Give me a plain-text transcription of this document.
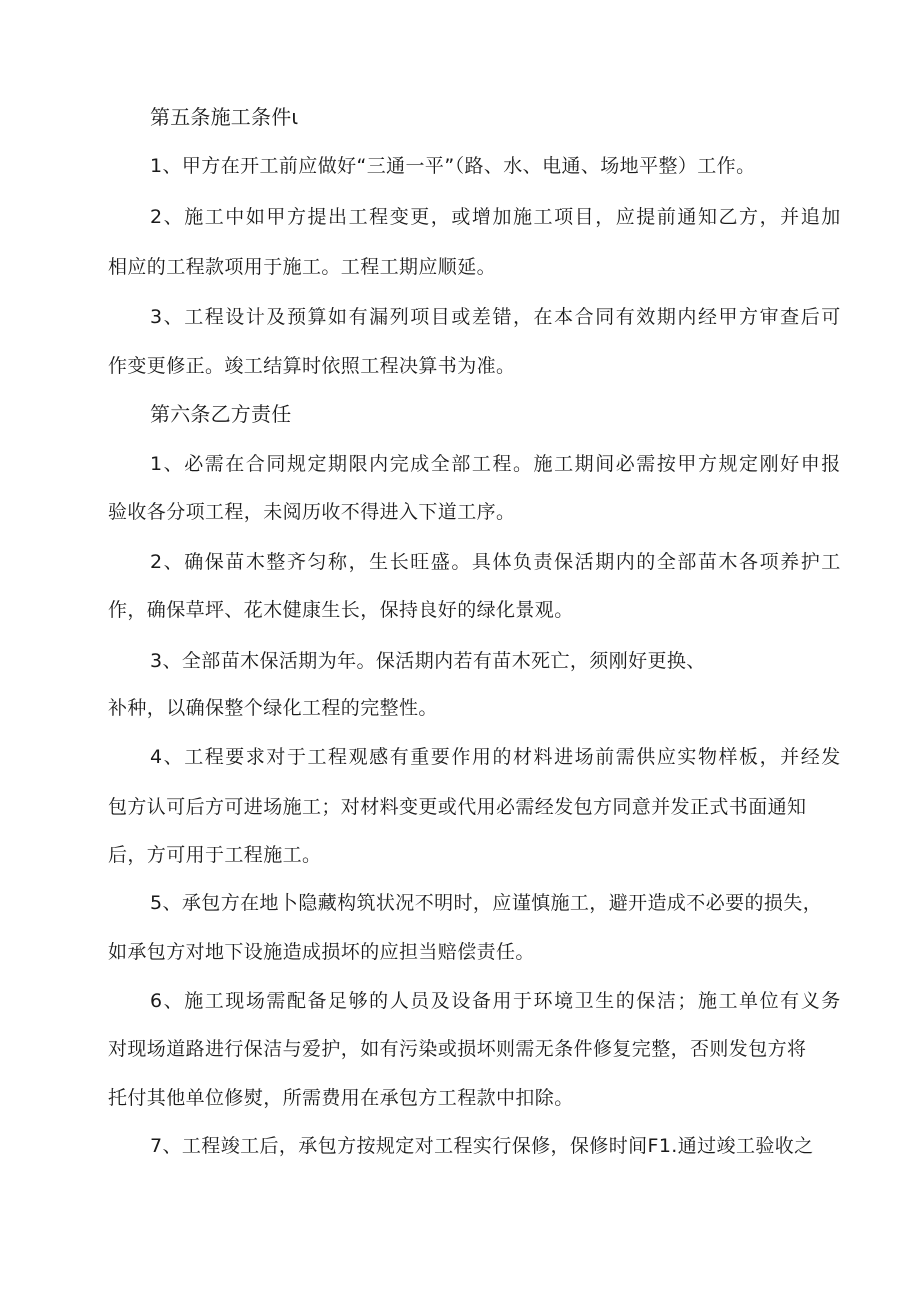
第五条施工条件ι
1、甲方在开工前应做好“三通一平”（路、水、电通、场地平整）工作。
2、施工中如甲方提出工程变更，或增加施工项目，应提前通知乙方，并追加
相应的工程款项用于施工。工程工期应顺延。
3、工程设计及预算如有漏列项目或差错，在本合同有效期内经甲方审查后可
作变更修正。竣工结算时依照工程决算书为准。
第六条乙方责任
1、必需在合同规定期限内完成全部工程。施工期间必需按甲方规定刚好申报
验收各分项工程，未阅历收不得进入下道工序。
2、确保苗木整齐匀称，生长旺盛。具体负责保活期内的全部苗木各项养护工
作，确保草坪、花木健康生长，保持良好的绿化景观。
3、全部苗木保活期为年。保活期内若有苗木死亡，须刚好更换、
补种，以确保整个绿化工程的完整性。
4、工程要求对于工程观感有重要作用的材料进场前需供应实物样板，并经发
包方认可后方可进场施工；对材料变更或代用必需经发包方同意并发正式书面通知
后，方可用于工程施工。
5、承包方在地卜隐藏构筑状况不明时，应谨慎施工，避开造成不必要的损失，
如承包方对地下设施造成损坏的应担当赔偿责任。
6、施工现场需配备足够的人员及设备用于环境卫生的保洁；施工单位有义务
对现场道路进行保洁与爱护，如有污染或损坏则需无条件修复完整，否则发包方将
托付其他单位修熨，所需费用在承包方工程款中扣除。
7、工程竣工后，承包方按规定对工程实行保修，保修时间F1.通过竣工验收之
